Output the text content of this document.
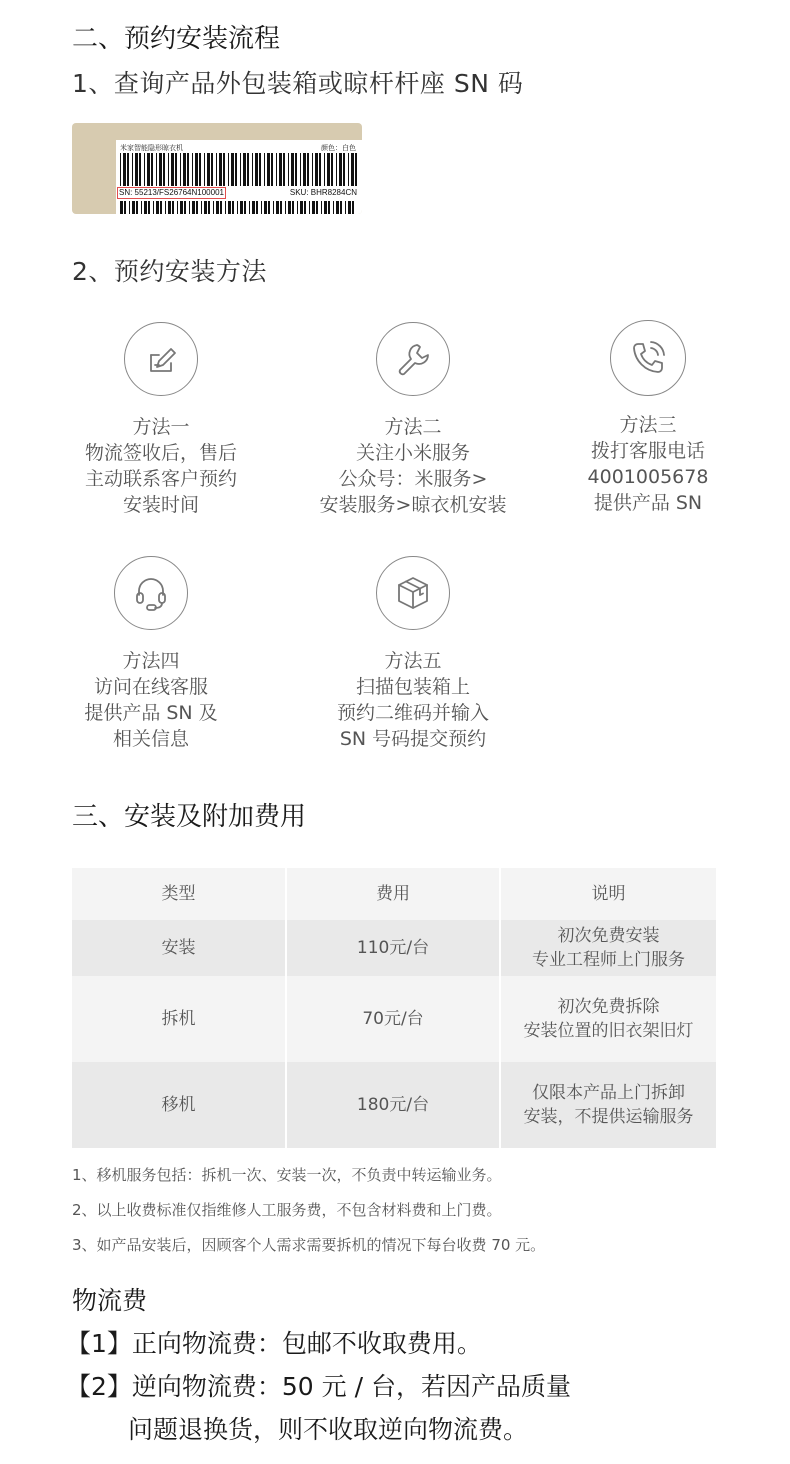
二、预约安装流程
1、查询产品外包装箱或晾杆杆座 SN 码
米家智能隐形晾衣机	颜色：白色
SN: 55213/FS26764N100001	SKU: BHR8284CN
2、预约安装方法
方法一
物流签收后，售后
主动联系客户预约
安装时间
方法二
关注小米服务
公众号：米服务>
安装服务>晾衣机安装
方法三
拨打客服电话
4001005678
提供产品 SN
方法四
访问在线客服
提供产品 SN 及
相关信息
方法五
扫描包装箱上
预约二维码并输入
SN 号码提交预约
三、安装及附加费用
类型	费用	说明
安装	110元/台	初次免费安装
专业工程师上门服务

拆机	70元/台	初次免费拆除
安装位置的旧衣架旧灯

移机	180元/台	仅限本产品上门拆卸
安装，不提供运输服务
1、移机服务包括：拆机一次、安装一次，不负责中转运输业务。
2、以上收费标准仅指维修人工服务费，不包含材料费和上门费。
3、如产品安装后，因顾客个人需求需要拆机的情况下每台收费 70 元。
物流费
【1】正向物流费：包邮不收取费用。
【2】逆向物流费：50 元 / 台，若因产品质量
问题退换货，则不收取逆向物流费。
